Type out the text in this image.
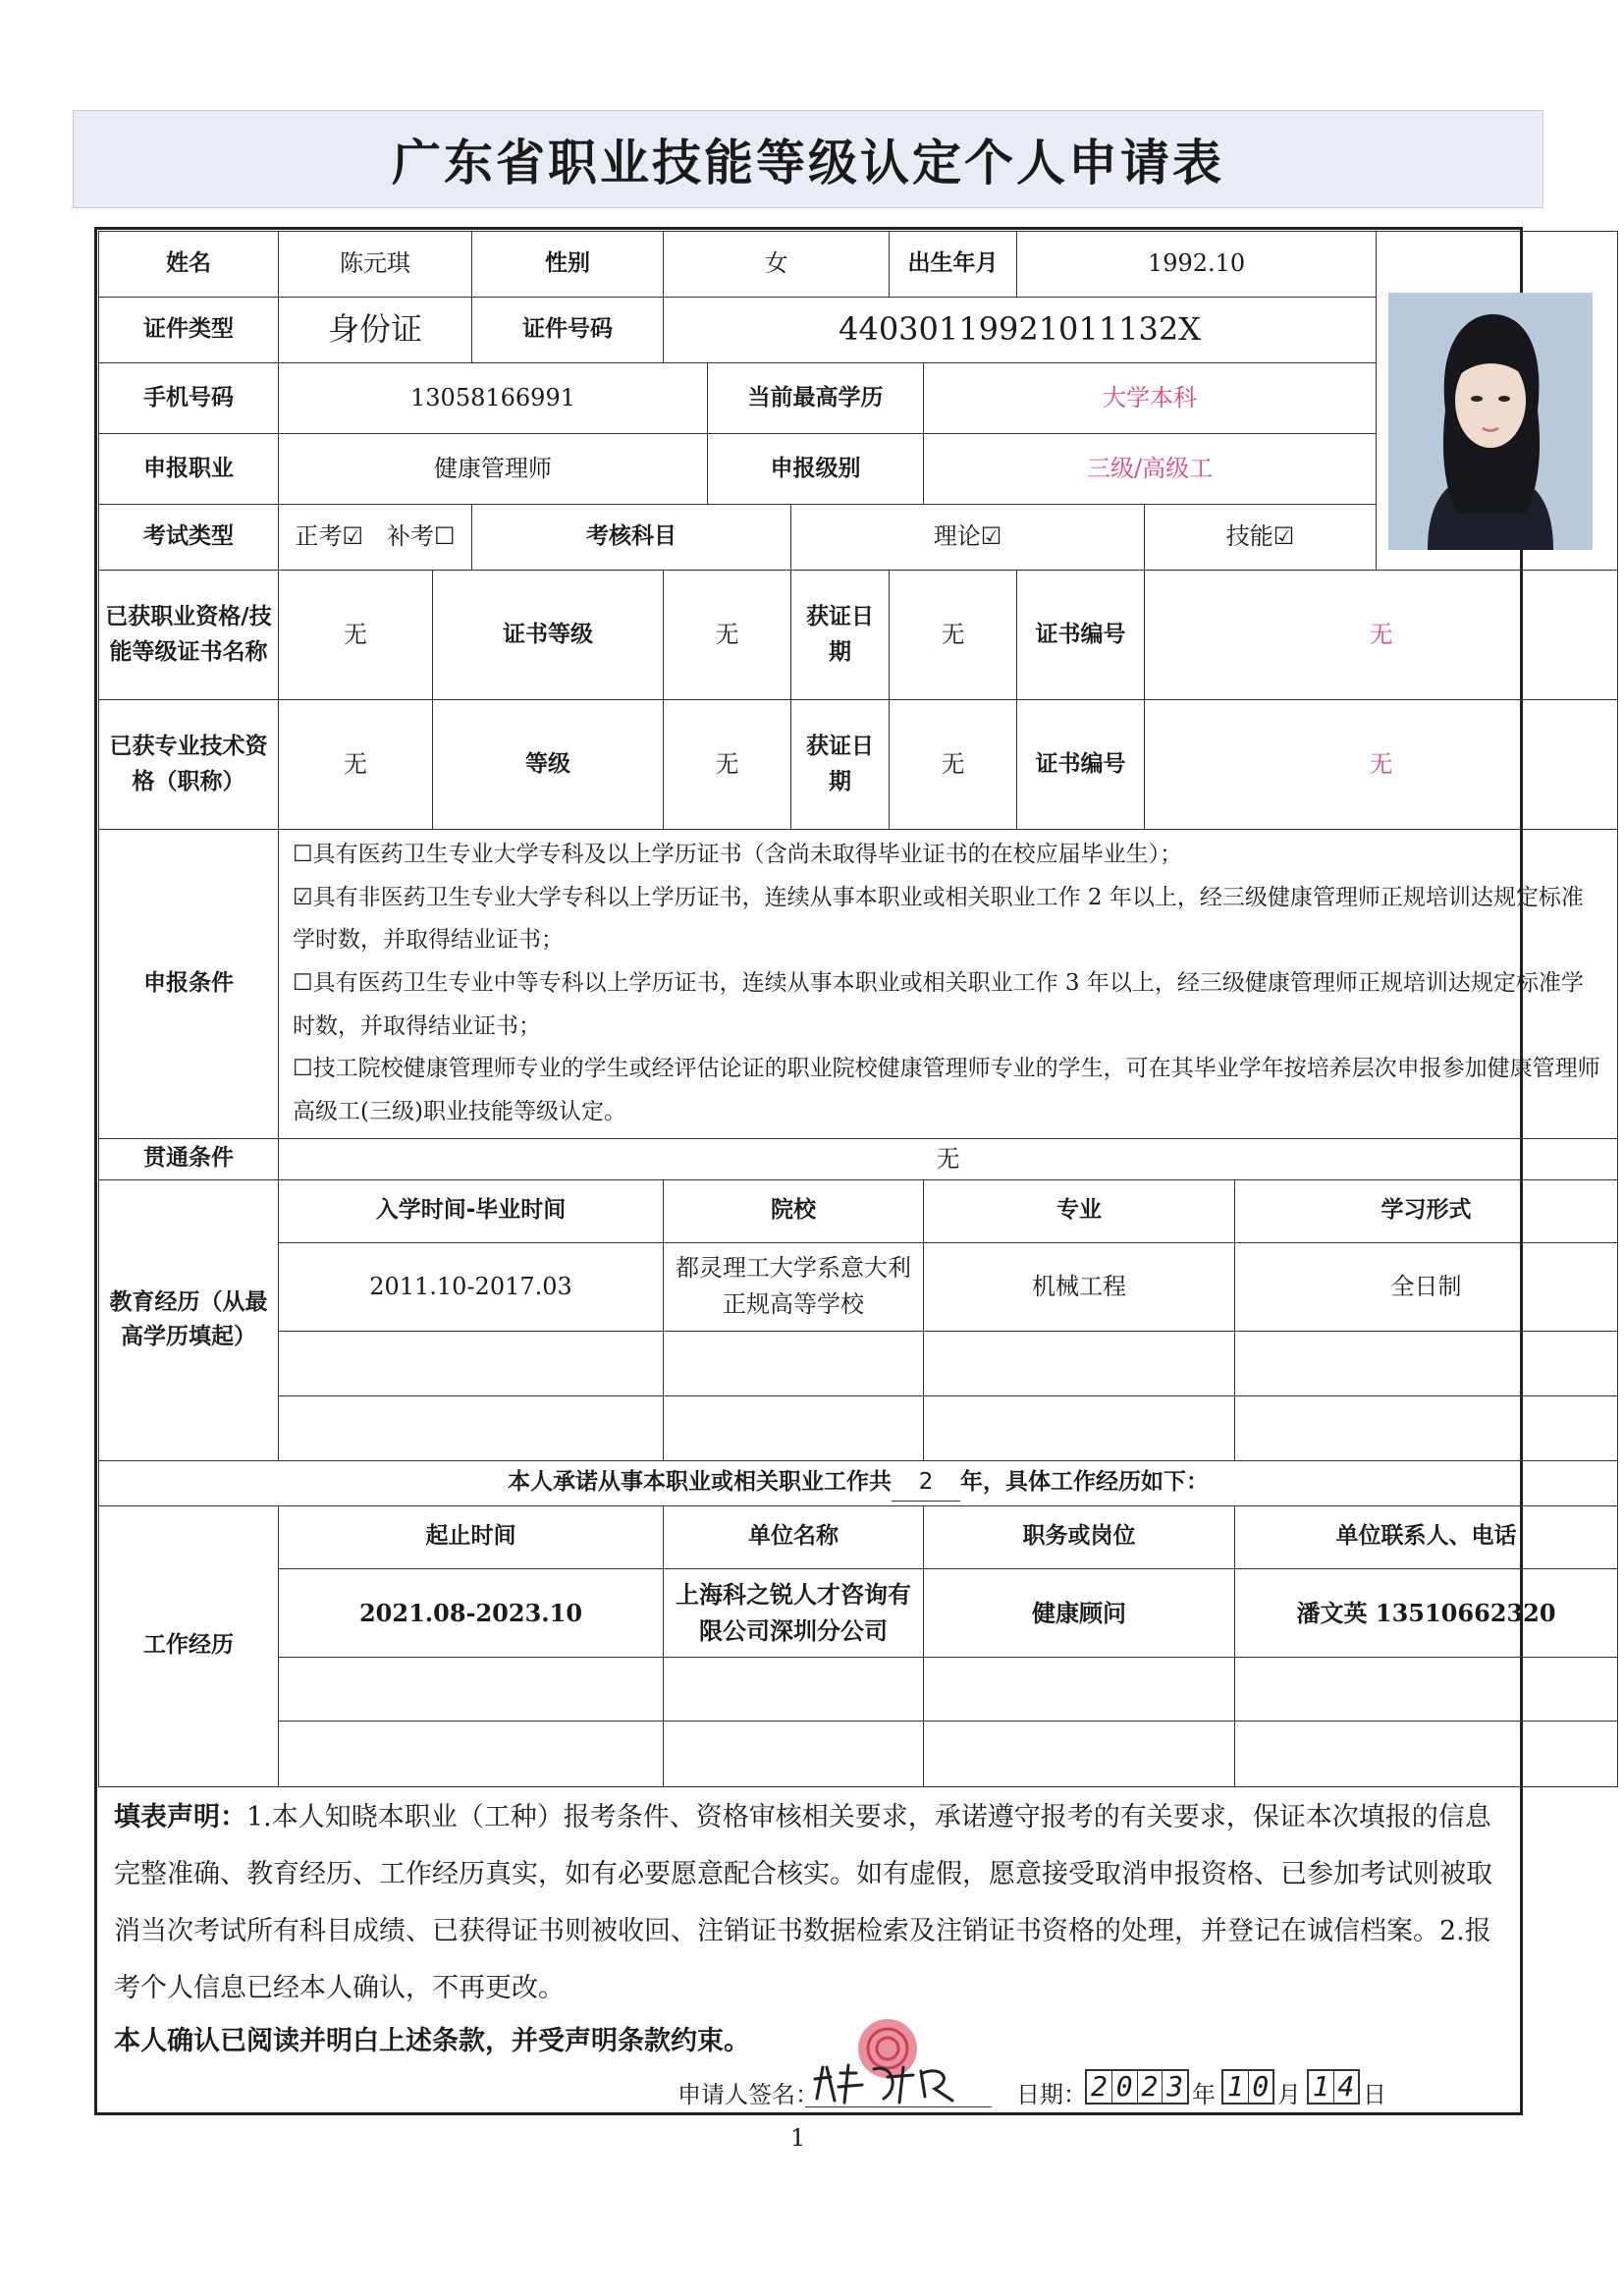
广东省职业技能等级认定个人申请表
姓名	陈元琪		性别	女			出生年月		1992.10	

证件类型	身份证		证件号码	44030119921011132X								
手机号码	13058166991				当前最高学历			大学本科				
申报职业	健康管理师				申报级别			三级/高级工				
考试类型	正考☑　补考☐		考核科目			理论☑				技能☑		
已获职业资格/技能等级证书名称	无	证书等级		无		获证日期	无		证书编号	无		
已获专业技术资格（职称）	无	等级		无		获证日期	无		证书编号	无		
申报条件	☐具有医药卫生专业大学专科及以上学历证书（含尚未取得毕业证书的在校应届毕业生）；
☑具有非医药卫生专业大学专科以上学历证书，连续从事本职业或相关职业工作 2 年以上，经三级健康管理师正规培训达规定标准学时数，并取得结业证书；
☐具有医药卫生专业中等专科以上学历证书，连续从事本职业或相关职业工作 3 年以上，经三级健康管理师正规培训达规定标准学时数，并取得结业证书；
☐技工院校健康管理师专业的学生或经评估论证的职业院校健康管理师专业的学生，可在其毕业学年按培养层次申报参加健康管理师高级工(三级)职业技能等级认定。											

贯通条件	无											
教育经历（从最高学历填起）	入学时间-毕业时间			院校				专业			学习形式	
	2011.10-2017.03			都灵理工大学系意大利正规高等学校				机械工程			全日制	

本人承诺从事本职业或相关职业工作共 2 年，具体工作经历如下：												
工作经历	起止时间			单位名称				职务或岗位			单位联系人、电话	
	2021.08-2023.10			上海科之锐人才咨询有限公司深圳分公司				健康顾问			潘文英 13510662320	

填表声明：1.本人知晓本职业（工种）报考条件、资格审核相关要求，承诺遵守报考的有关要求，保证本次填报的信息完整准确、教育经历、工作经历真实，如有必要愿意配合核实。如有虚假，愿意接受取消申报资格、已参加考试则被取消当次考试所有科目成绩、已获得证书则被收回、注销证书数据检索及注销证书资格的处理，并登记在诚信档案。2.报考个人信息已经本人确认，不再更改。
本人确认已阅读并明白上述条款，并受声明条款约束。
申请人签名：	日期： 2 0 2 3 年 1 0 月 1 4 日
1
